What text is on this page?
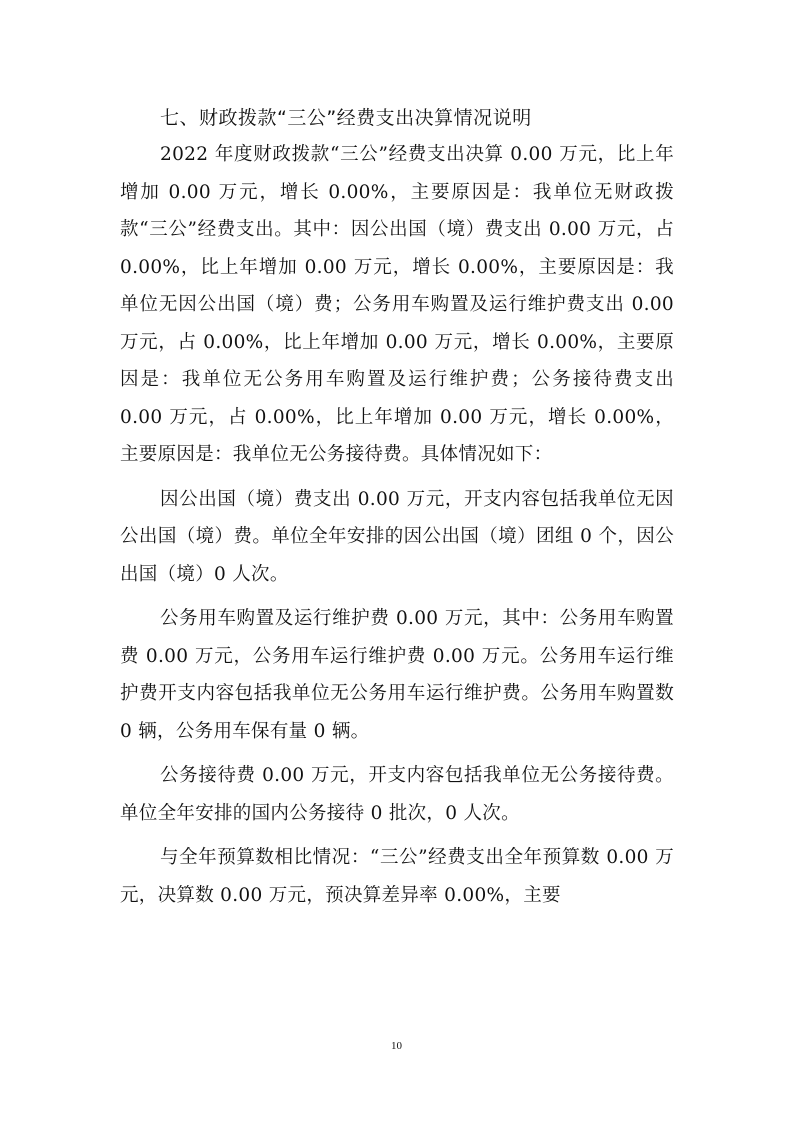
七、财政拨款“三公”经费支出决算情况说明

2022 年度财政拨款“三公”经费支出决算 0.00 万元，比上年增加 0.00 万元，增长 0.00%，主要原因是：我单位无财政拨款“三公”经费支出。其中：因公出国（境）费支出 0.00 万元，占 0.00%，比上年增加 0.00 万元，增长 0.00%，主要原因是：我单位无因公出国（境）费；公务用车购置及运行维护费支出 0.00 万元，占 0.00%，比上年增加 0.00 万元，增长 0.00%，主要原因是：我单位无公务用车购置及运行维护费；公务接待费支出 0.00 万元，占 0.00%，比上年增加 0.00 万元，增长 0.00%，主要原因是：我单位无公务接待费。具体情况如下：

因公出国（境）费支出 0.00 万元，开支内容包括我单位无因公出国（境）费。单位全年安排的因公出国（境）团组 0 个，因公出国（境）0 人次。

公务用车购置及运行维护费 0.00 万元，其中：公务用车购置费 0.00 万元，公务用车运行维护费 0.00 万元。公务用车运行维护费开支内容包括我单位无公务用车运行维护费。公务用车购置数 0 辆，公务用车保有量 0 辆。

公务接待费 0.00 万元，开支内容包括我单位无公务接待费。单位全年安排的国内公务接待 0 批次，0 人次。

与全年预算数相比情况：“三公”经费支出全年预算数 0.00 万元，决算数 0.00 万元，预决算差异率 0.00%，主要

10
